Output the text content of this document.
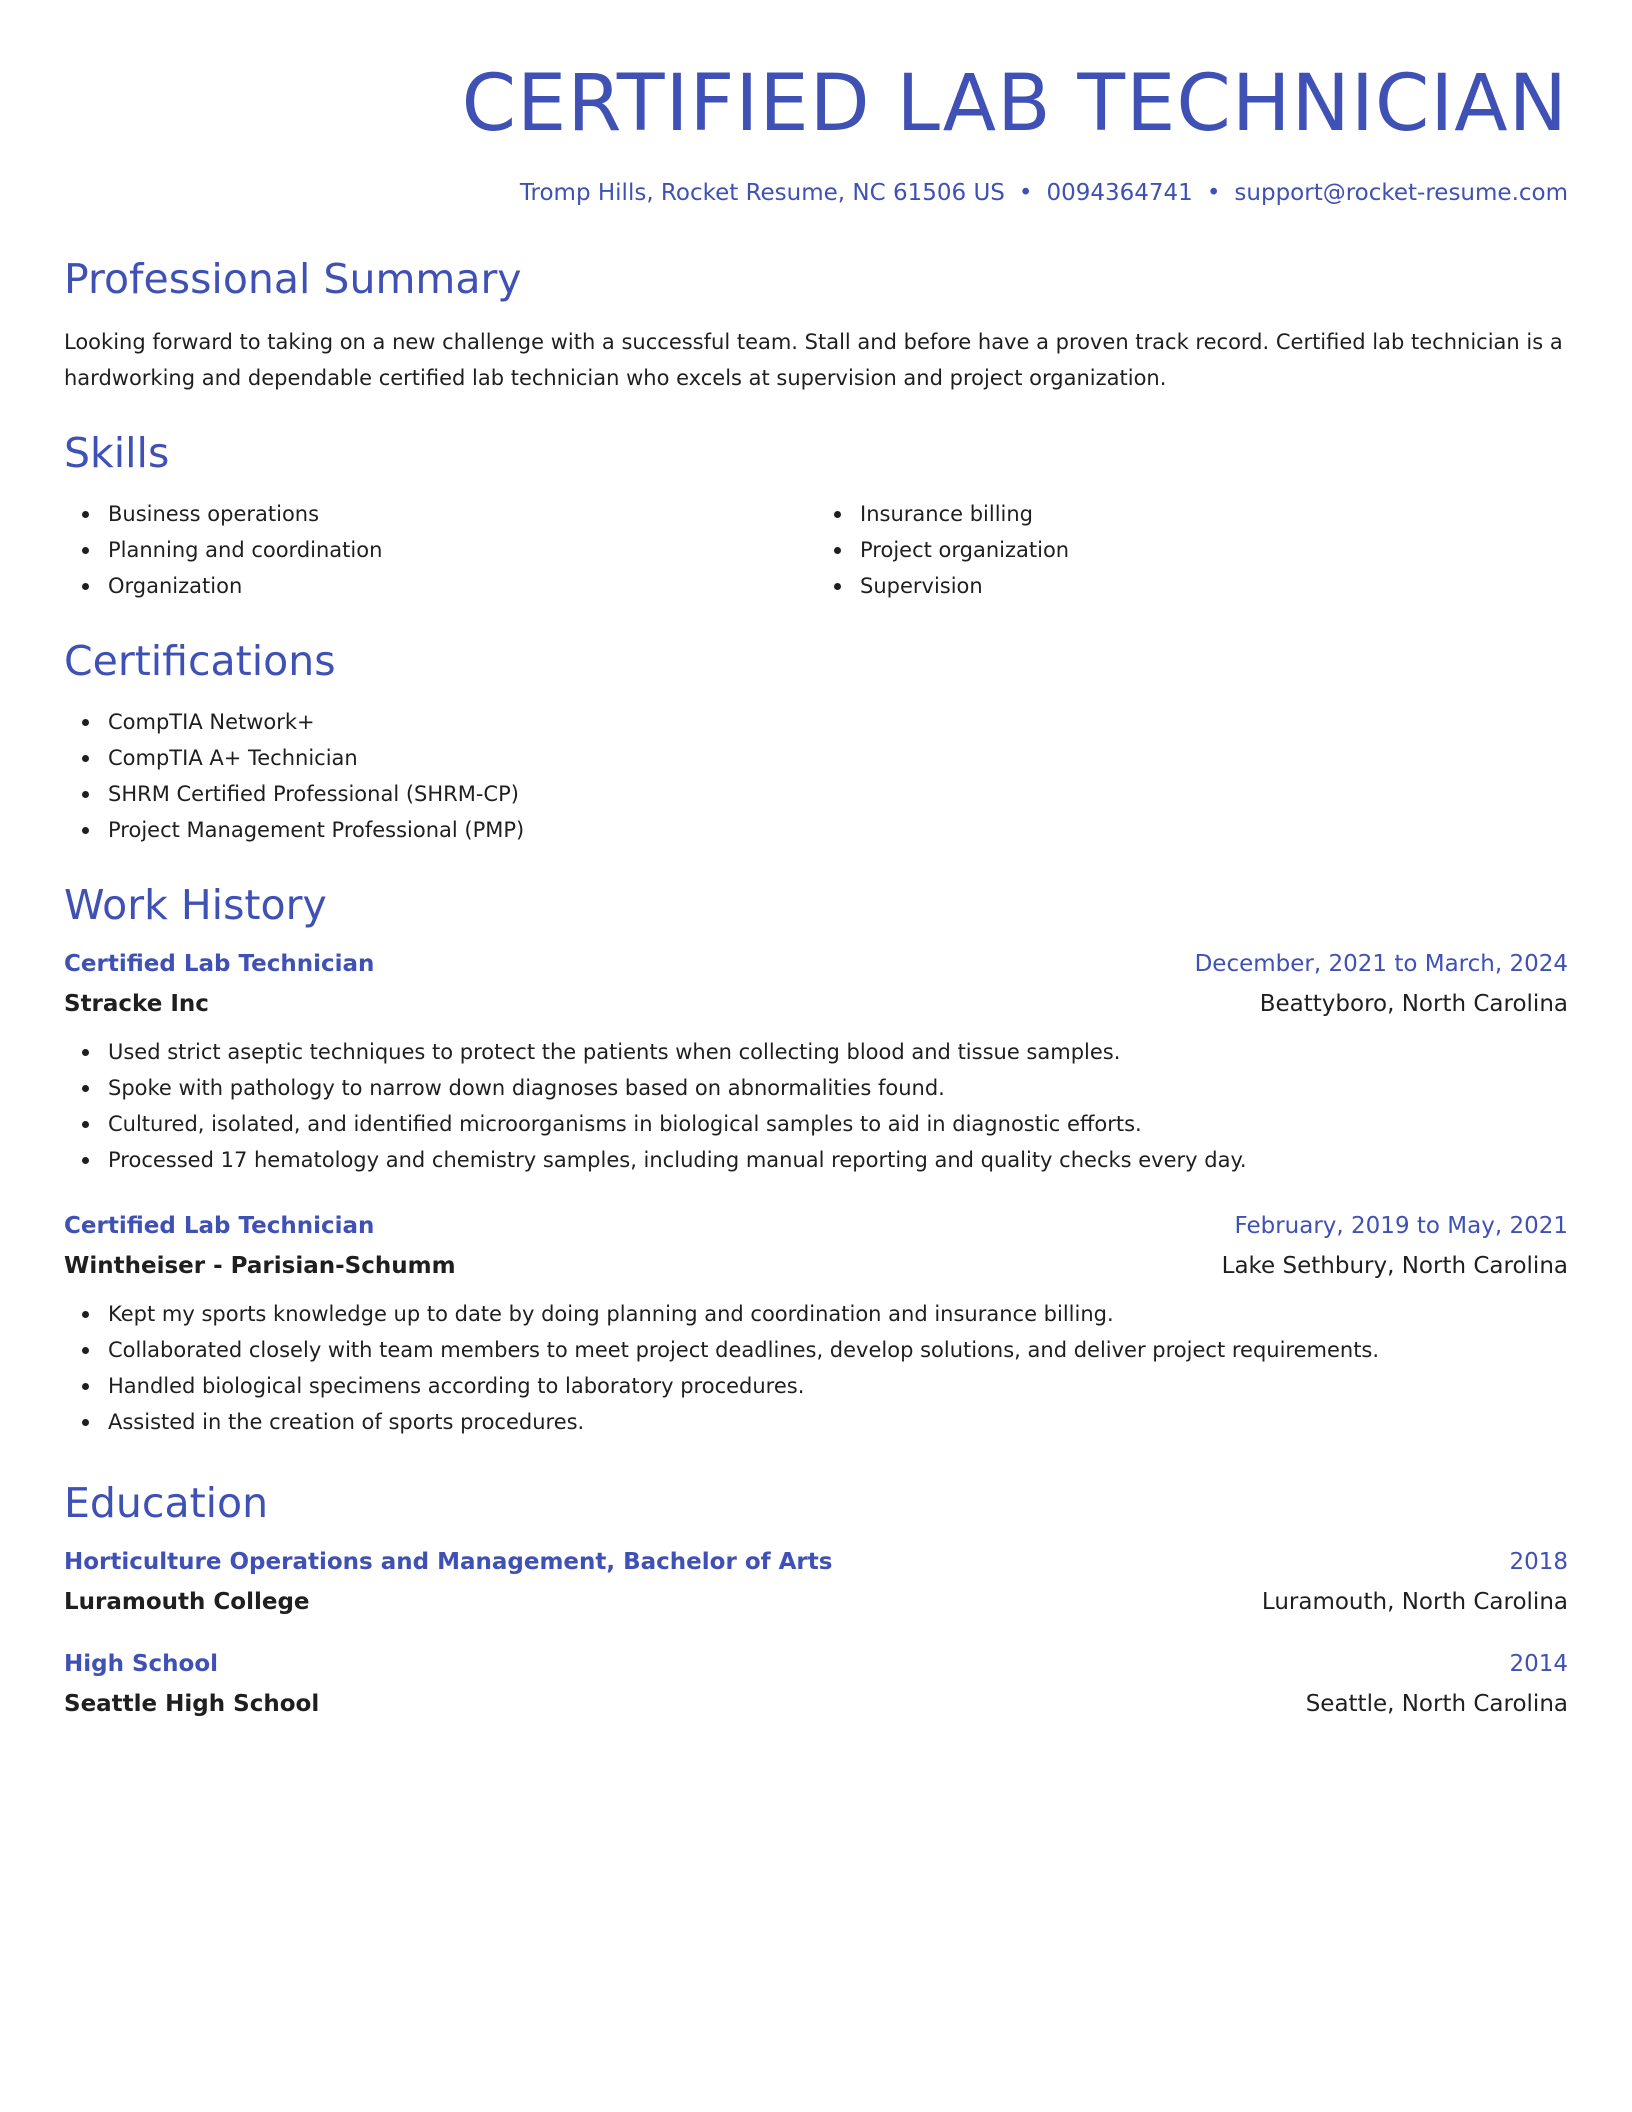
CERTIFIED LAB TECHNICIAN
Tromp Hills, Rocket Resume, NC 61506 US • 0094364741 • support@rocket-resume.com
Professional Summary

Looking forward to taking on a new challenge with a successful team. Stall and before have a proven track record. Certified lab technician is a hardworking and dependable certified lab technician who excels at supervision and project organization.

Skills
Business operations
Planning and coordination
Organization
Insurance billing
Project organization
Supervision
Certifications
CompTIA Network+
CompTIA A+ Technician
SHRM Certified Professional (SHRM-CP)
Project Management Professional (PMP)
Work History
Certified Lab Technician	December, 2021 to March, 2024
Stracke Inc	Beattyboro, North Carolina
Used strict aseptic techniques to protect the patients when collecting blood and tissue samples.
Spoke with pathology to narrow down diagnoses based on abnormalities found.
Cultured, isolated, and identified microorganisms in biological samples to aid in diagnostic efforts.
Processed 17 hematology and chemistry samples, including manual reporting and quality checks every day.
Certified Lab Technician	February, 2019 to May, 2021
Wintheiser - Parisian-Schumm	Lake Sethbury, North Carolina
Kept my sports knowledge up to date by doing planning and coordination and insurance billing.
Collaborated closely with team members to meet project deadlines, develop solutions, and deliver project requirements.
Handled biological specimens according to laboratory procedures.
Assisted in the creation of sports procedures.
Education
Horticulture Operations and Management, Bachelor of Arts	2018
Luramouth College	Luramouth, North Carolina
High School	2014
Seattle High School	Seattle, North Carolina
